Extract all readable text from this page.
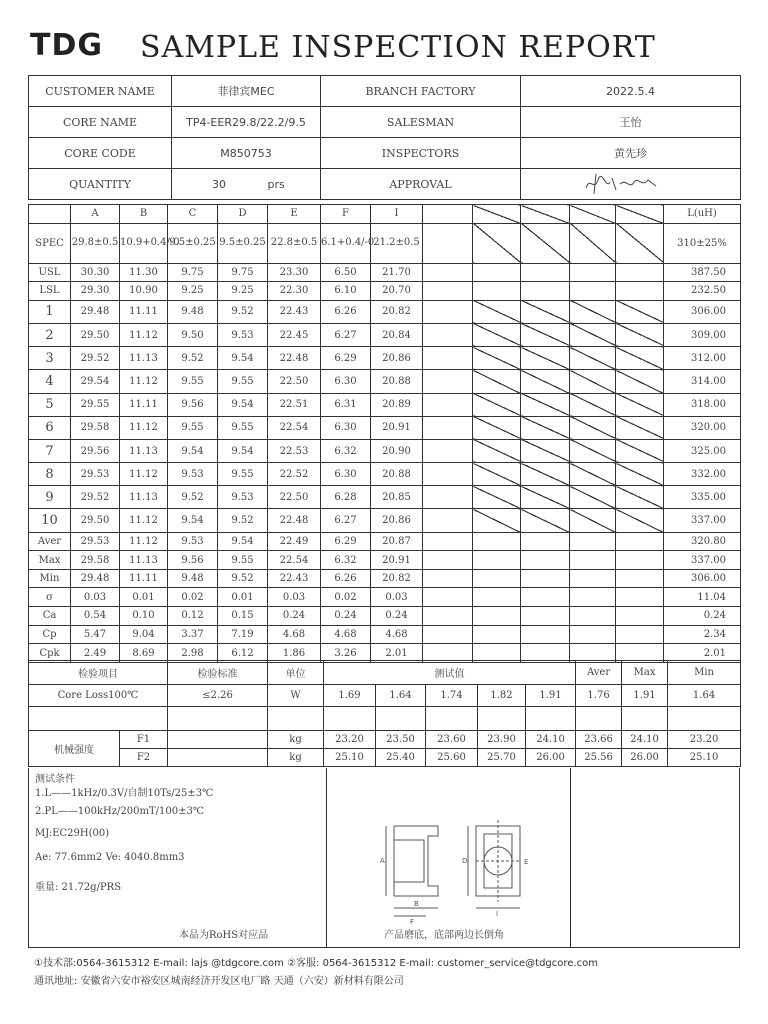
TDG SAMPLE INSPECTION REPORT
CUSTOMER NAME	菲律宾MEC	BRANCH FACTORY	2022.5.4
CORE NAME	TP4-EER29.8/22.2/9.5	SALESMAN	王怡
CORE CODE	M850753	INSPECTORS	黄先珍
QUANTITY	30 prs	APPROVAL	
	A	B	C	D	E	F	I						L(uH)
SPEC	29.8±0.5	10.9+0.4/-0	9.5±0.25	9.5±0.25	22.8±0.5	6.1+0.4/-0	21.2±0.5						310±25%
USL	30.30	11.30	9.75	9.75	23.30	6.50	21.70						387.50
LSL	29.30	10.90	9.25	9.25	22.30	6.10	20.70						232.50
1	29.48	11.11	9.48	9.52	22.43	6.26	20.82						306.00
2	29.50	11.12	9.50	9.53	22.45	6.27	20.84						309.00
3	29.52	11.13	9.52	9.54	22.48	6.29	20.86						312.00
4	29.54	11.12	9.55	9.55	22.50	6.30	20.88						314.00
5	29.55	11.11	9.56	9.54	22.51	6.31	20.89						318.00
6	29.58	11.12	9.55	9.55	22.54	6.30	20.91						320.00
7	29.56	11.13	9.54	9.54	22.53	6.32	20.90						325.00
8	29.53	11.12	9.53	9.55	22.52	6.30	20.88						332.00
9	29.52	11.13	9.52	9.53	22.50	6.28	20.85						335.00
10	29.50	11.12	9.54	9.52	22.48	6.27	20.86						337.00
Aver	29.53	11.12	9.53	9.54	22.49	6.29	20.87						320.80
Max	29.58	11.13	9.56	9.55	22.54	6.32	20.91						337.00
Min	29.48	11.11	9.48	9.52	22.43	6.26	20.82						306.00
σ	0.03	0.01	0.02	0.01	0.03	0.02	0.03						11.04
Ca	0.54	0.10	0.12	0.15	0.24	0.24	0.24						0.24
Cp	5.47	9.04	3.37	7.19	4.68	4.68	4.68						2.34
Cpk	2.49	8.69	2.98	6.12	1.86	3.26	2.01						2.01
检验项目		检验标准	单位	测试值					Aver	Max	Min
Core Loss100℃		≤2.26	W	1.69	1.64	1.74	1.82	1.91	1.76	1.91	1.64

机械强度	F1		kg	23.20	23.50	23.60	23.90	24.10	23.66	24.10	23.20
	F2		kg	25.10	25.40	25.60	25.70	26.00	25.56	26.00	25.10
测试条件
1.L——1kHz/0.3V/自制10Ts/25±3℃
2.PL——100kHz/200mT/100±3℃
MJ:EC29H(00)
Ae: 77.6mm2 Ve: 4040.8mm3
重量: 21.72g/PRS
本品为RoHS对应品
A
B
F
D	E
I
产品磨底，底部两边长倒角
①技术部:0564-3615312 E-mail: lajs @tdgcore.com ②客服: 0564-3615312 E-mail: customer_service@tdgcore.com
通讯地址: 安徽省六安市裕安区城南经济开发区电厂路 天通（六安）新材料有限公司
